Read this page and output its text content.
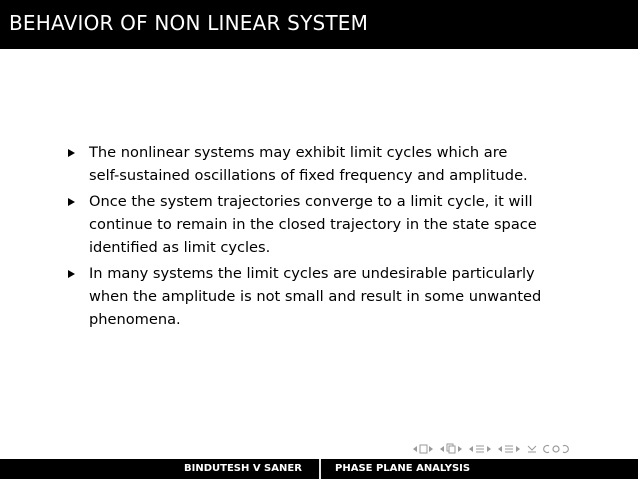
BEHAVIOR OF NON LINEAR SYSTEM
The nonlinear systems may exhibit limit cycles which are
self-sustained oscillations of fixed frequency and amplitude.
Once the system trajectories converge to a limit cycle, it will
continue to remain in the closed trajectory in the state space
identified as limit cycles.
In many systems the limit cycles are undesirable particularly
when the amplitude is not small and result in some unwanted
phenomena.
BINDUTESH V SANER	PHASE PLANE ANALYSIS
